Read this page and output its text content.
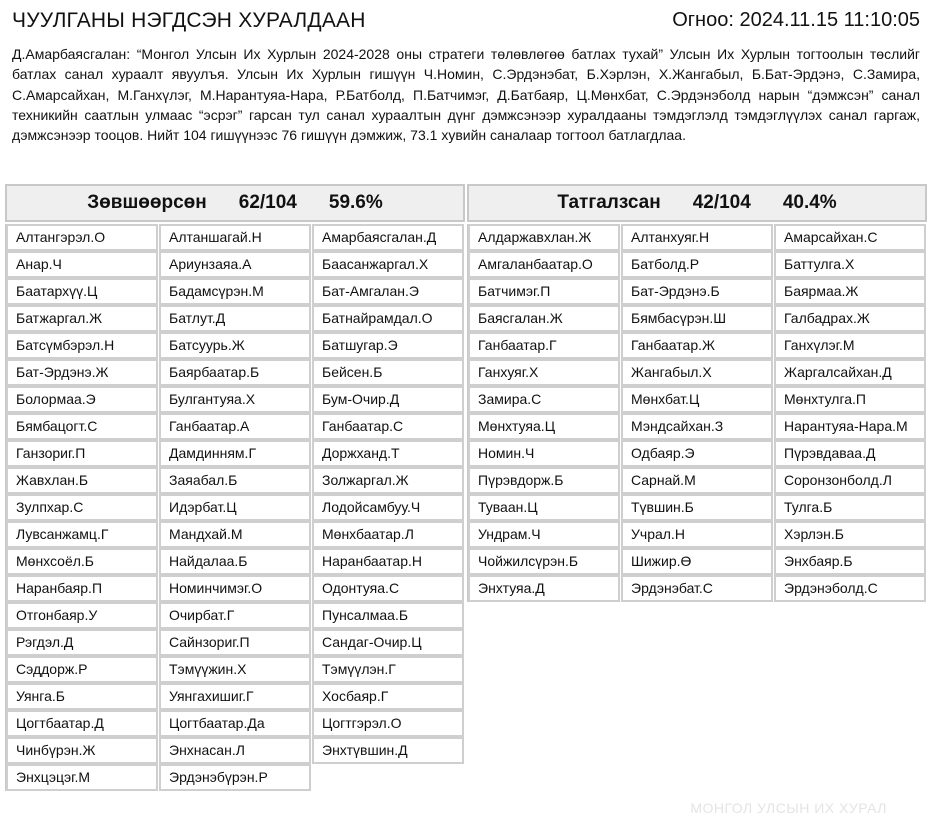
ЧУУЛГАНЫ НЭГДСЭН ХУРАЛДААН	Огноо: 2024.11.15 11:10:05
Д.Амарбаясгалан: “Монгол Улсын Их Хурлын 2024-2028 оны стратеги төлөвлөгөө батлах тухай” Улсын Их Хурлын тогтоолын төслийг батлах санал хураалт явуулъя. Улсын Их Хурлын гишүүн Ч.Номин, С.Эрдэнэбат, Б.Хэрлэн, Х.Жангабыл, Б.Бат-Эрдэнэ, С.Замира, С.Амарсайхан, М.Ганхүлэг, М.Нарантуяа-Нара, Р.Батболд, П.Батчимэг, Д.Батбаяр, Ц.Мөнхбат, С.Эрдэнэболд нарын “дэмжсэн” санал техникийн саатлын улмаас “эсрэг” гарсан тул санал хураалтын дүнг дэмжсэнээр хуралдааны тэмдэглэлд тэмдэглүүлэх санал гаргаж, дэмжсэнээр тооцов. Нийт 104 гишүүнээс 76 гишүүн дэмжиж, 73.1 хувийн саналаар тогтоол батлагдлаа.
Зөвшөөрсөн 62/104 59.6%
Алтангэрэл.О	Алтаншагай.Н	Амарбаясгалан.Д
Анар.Ч	Ариунзаяа.А	Баасанжаргал.Х
Баатархүү.Ц	Бадамсүрэн.М	Бат-Амгалан.Э
Батжаргал.Ж	Батлут.Д	Батнайрамдал.О
Батсүмбэрэл.Н	Батсуурь.Ж	Батшугар.Э
Бат-Эрдэнэ.Ж	Баярбаатар.Б	Бейсен.Б
Болормаа.Э	Булгантуяа.Х	Бум-Очир.Д
Бямбацогт.С	Ганбаатар.А	Ганбаатар.С
Ганзориг.П	Дамдинням.Г	Доржханд.Т
Жавхлан.Б	Заяабал.Б	Золжаргал.Ж
Зулпхар.С	Идэрбат.Ц	Лодойсамбуу.Ч
Лувсанжамц.Г	Мандхай.М	Мөнхбаатар.Л
Мөнхсоёл.Б	Найдалаа.Б	Наранбаатар.Н
Наранбаяр.П	Номинчимэг.О	Одонтуяа.С
Отгонбаяр.У	Очирбат.Г	Пунсалмаа.Б
Рэгдэл.Д	Сайнзориг.П	Сандаг-Очир.Ц
Сэддорж.Р	Тэмүүжин.Х	Тэмүүлэн.Г
Уянга.Б	Уянгахишиг.Г	Хосбаяр.Г
Цогтбаатар.Д	Цогтбаатар.Да	Цогтгэрэл.О
Чинбүрэн.Ж	Энхнасан.Л	Энхтүвшин.Д
Энхцэцэг.М	Эрдэнэбүрэн.Р
Татгалзсан 42/104 40.4%
Алдаржавхлан.Ж	Алтанхуяг.Н	Амарсайхан.С
Амгаланбаатар.О	Батболд.Р	Баттулга.Х
Батчимэг.П	Бат-Эрдэнэ.Б	Баярмаа.Ж
Баясгалан.Ж	Бямбасүрэн.Ш	Галбадрах.Ж
Ганбаатар.Г	Ганбаатар.Ж	Ганхүлэг.М
Ганхуяг.Х	Жангабыл.Х	Жаргалсайхан.Д
Замира.С	Мөнхбат.Ц	Мөнхтулга.П
Мөнхтуяа.Ц	Мэндсайхан.З	Нарантуяа-Нара.М
Номин.Ч	Одбаяр.Э	Пүрэвдаваа.Д
Пүрэвдорж.Б	Сарнай.М	Соронзонболд.Л
Туваан.Ц	Түвшин.Б	Тулга.Б
Ундрам.Ч	Учрал.Н	Хэрлэн.Б
Чойжилсүрэн.Б	Шижир.Ө	Энхбаяр.Б
Энхтуяа.Д	Эрдэнэбат.С	Эрдэнэболд.С
МОНГОЛ УЛСЫН ИХ ХУРАЛ
